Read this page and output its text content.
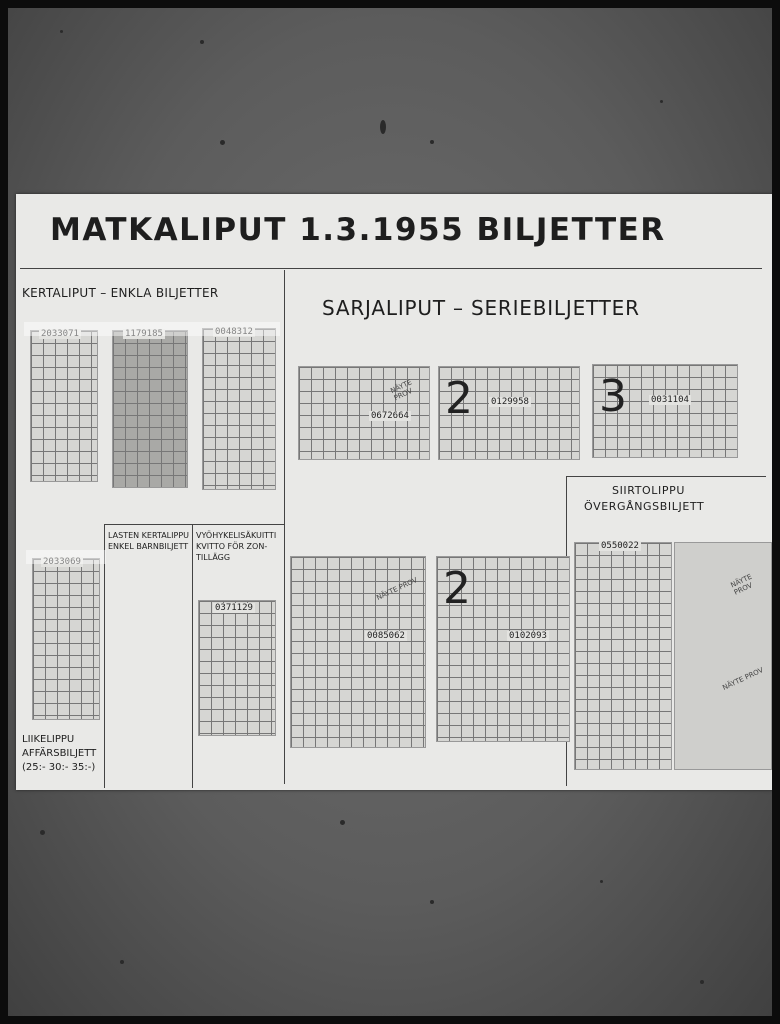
MATKALIPUT 1.3.1955 BILJETTER
KERTALIPUT – ENKLA BILJETTER
SARJALIPUT – SERIEBILJETTER
SIIRTOLIPPU
ÖVERGÅNGSBILJETT
LASTEN KERTALIPPU
ENKEL BARNBILJETT
VYÖHYKELISÄKUITTI
KVITTO FÖR ZON-
TILLÄGG
LIIKELIPPU
AFFÄRSBILJETT
(25:- 30:- 35:-)
2033071	1179185	0048312
2033069
0371129
0672664
NÄYTE PROV 2 0129958 3	0031104
0085062
NÄYTE PROV 2
0102093
0550022
NÄYTE PROV
NÄYTE PROV
